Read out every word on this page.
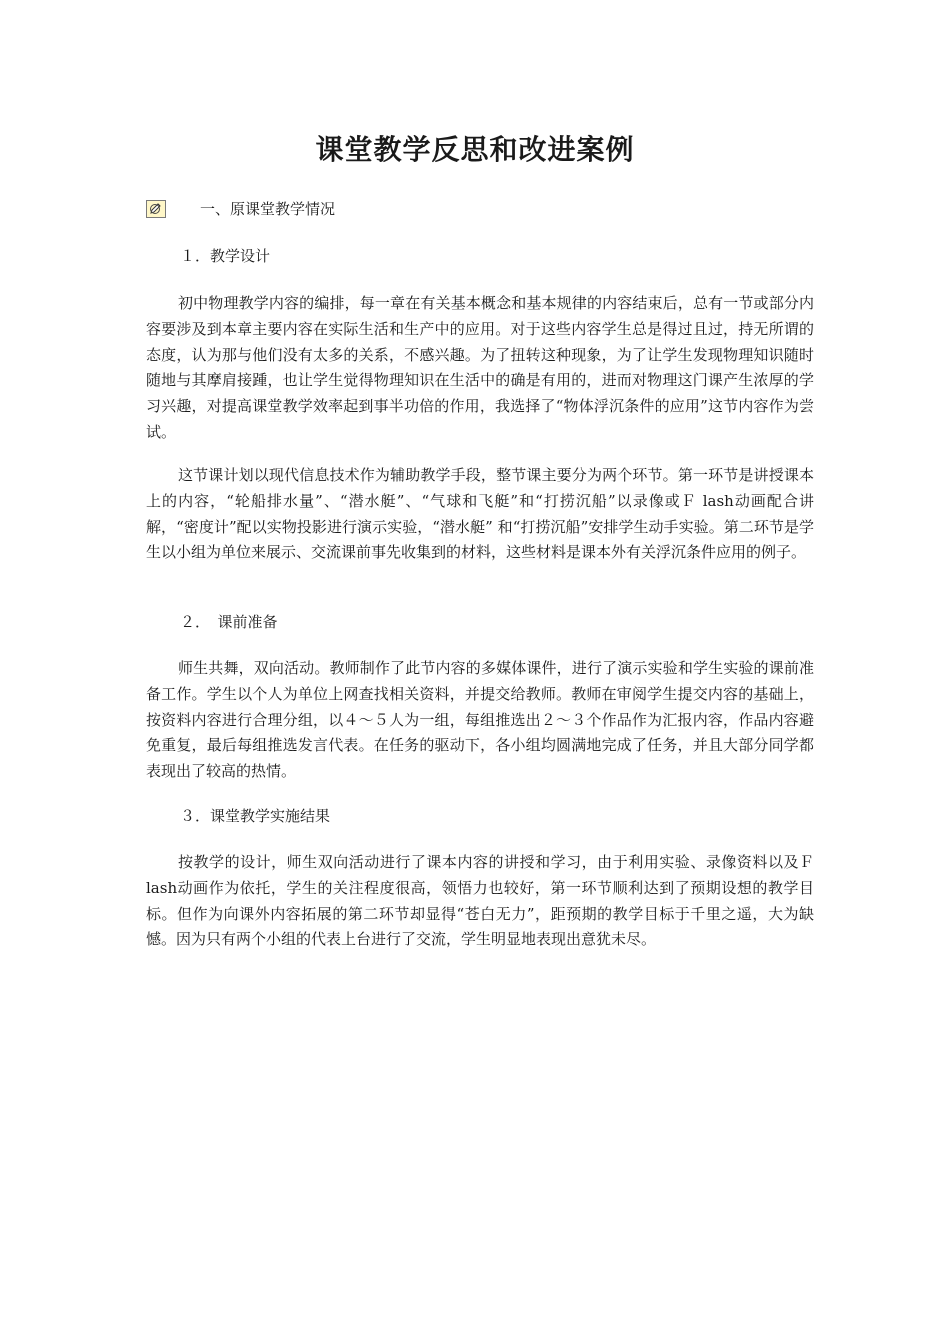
课堂教学反思和改进案例
一、原课堂教学情况
１．教学设计

初中物理教学内容的编排，每一章在有关基本概念和基本规律的内容结束后，总有一节或部分内容要涉及到本章主要内容在实际生活和生产中的应用。对于这些内容学生总是得过且过，持无所谓的态度，认为那与他们没有太多的关系，不感兴趣。为了扭转这种现象，为了让学生发现物理知识随时随地与其摩肩接踵，也让学生觉得物理知识在生活中的确是有用的，进而对物理这门课产生浓厚的学习兴趣，对提高课堂教学效率起到事半功倍的作用，我选择了“物体浮沉条件的应用”这节内容作为尝试。

这节课计划以现代信息技术作为辅助教学手段，整节课主要分为两个环节。第一环节是讲授课本上的内容，“轮船排水量”、“潜水艇”、“气球和飞艇”和“打捞沉船”以录像或Ｆ lash动画配合讲解，“密度计”配以实物投影进行演示实验，“潜水艇” 和“打捞沉船”安排学生动手实验。第二环节是学生以小组为单位来展示、交流课前事先收集到的材料，这些材料是课本外有关浮沉条件应用的例子。

２．　课前准备

师生共舞，双向活动。教师制作了此节内容的多媒体课件，进行了演示实验和学生实验的课前准备工作。学生以个人为单位上网查找相关资料，并提交给教师。教师在审阅学生提交内容的基础上，按资料内容进行合理分组，以４～５人为一组，每组推选出２～３个作品作为汇报内容，作品内容避免重复，最后每组推选发言代表。在任务的驱动下，各小组均圆满地完成了任务，并且大部分同学都表现出了较高的热情。

３．课堂教学实施结果

按教学的设计，师生双向活动进行了课本内容的讲授和学习，由于利用实验、录像资料以及Ｆ lash动画作为依托，学生的关注程度很高，领悟力也较好，第一环节顺利达到了预期设想的教学目标。但作为向课外内容拓展的第二环节却显得“苍白无力”，距预期的教学目标于千里之遥，大为缺憾。因为只有两个小组的代表上台进行了交流，学生明显地表现出意犹未尽。
